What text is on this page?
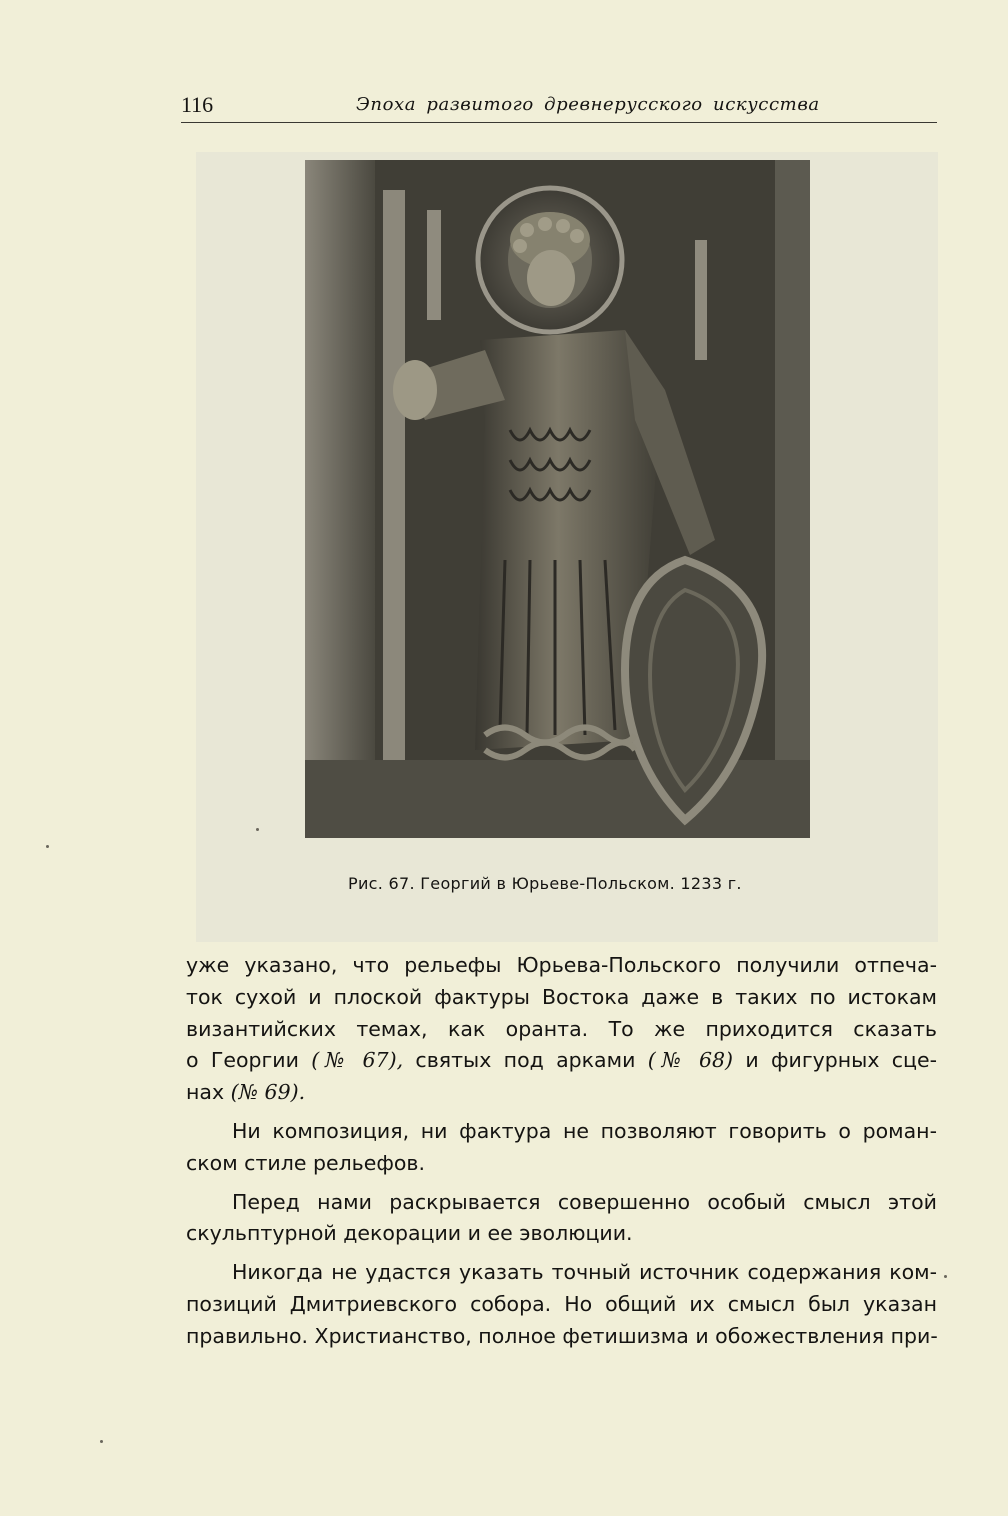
116	Эпоха развитого древнерусского искусства
Рис. 67. Георгий в Юрьеве-Польском. 1233 г.
уже указано, что рельефы Юрьева-Польского получили отпеча-
ток сухой и плоской фактуры Востока даже в таких по истокам
византийских темах, как оранта. То же приходится сказать
о Георгии (№ 67), святых под арками (№ 68) и фигурных сце-
нах (№ 69).
Ни композиция, ни фактура не позволяют говорить о роман-
ском стиле рельефов.
Перед нами раскрывается совершенно особый смысл этой
скульптурной декорации и ее эволюции.
Никогда не удастся указать точный источник содержания ком-
позиций Дмитриевского собора. Но общий их смысл был указан
правильно. Христианство, полное фетишизма и обожествления при-
